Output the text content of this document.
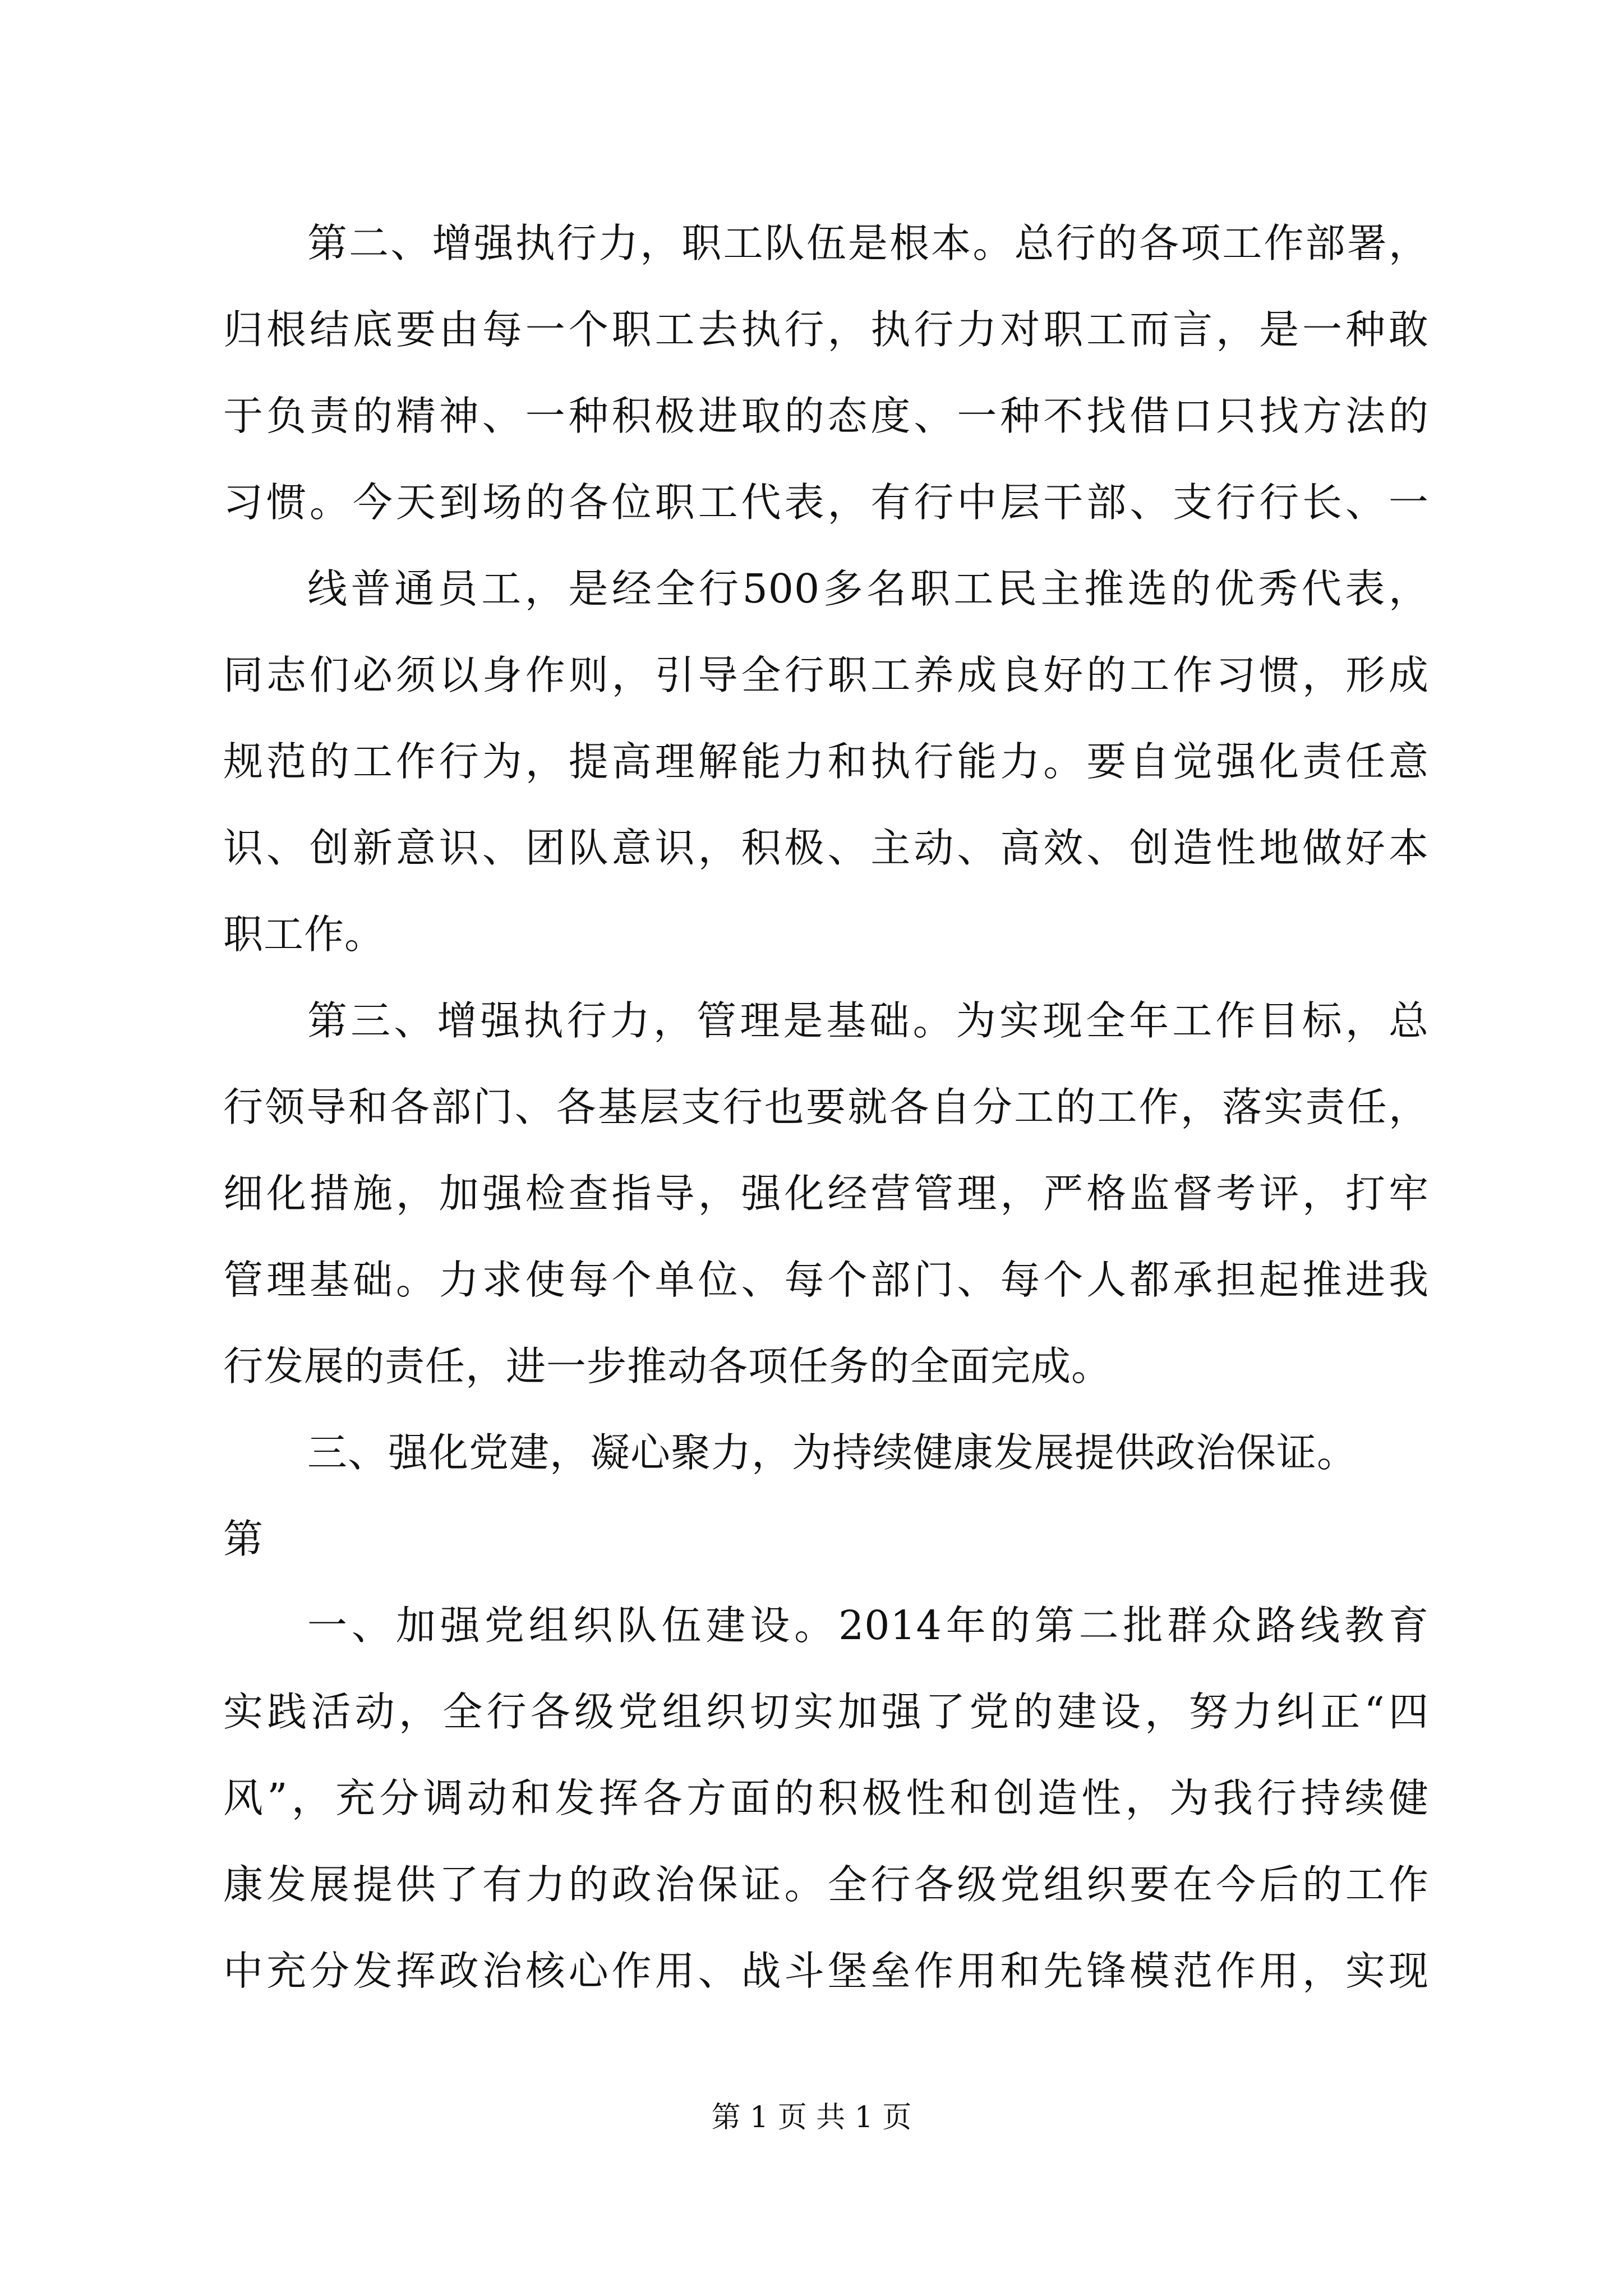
第二、增强执行力，职工队伍是根本。总行的各项工作部署，
归根结底要由每一个职工去执行，执行力对职工而言，是一种敢
于负责的精神、一种积极进取的态度、一种不找借口只找方法的
习惯。今天到场的各位职工代表，有行中层干部、支行行长、一
线普通员工，是经全行500多名职工民主推选的优秀代表，
同志们必须以身作则，引导全行职工养成良好的工作习惯，形成
规范的工作行为，提高理解能力和执行能力。要自觉强化责任意
识、创新意识、团队意识，积极、主动、高效、创造性地做好本
职工作。
第三、增强执行力，管理是基础。为实现全年工作目标，总
行领导和各部门、各基层支行也要就各自分工的工作，落实责任，
细化措施，加强检查指导，强化经营管理，严格监督考评，打牢
管理基础。力求使每个单位、每个部门、每个人都承担起推进我
行发展的责任，进一步推动各项任务的全面完成。
三、强化党建，凝心聚力，为持续健康发展提供政治保证。
第
一、加强党组织队伍建设。2014年的第二批群众路线教育
实践活动，全行各级党组织切实加强了党的建设，努力纠正“四
风”，充分调动和发挥各方面的积极性和创造性，为我行持续健
康发展提供了有力的政治保证。全行各级党组织要在今后的工作
中充分发挥政治核心作用、战斗堡垒作用和先锋模范作用，实现
第 1 页 共 1 页
